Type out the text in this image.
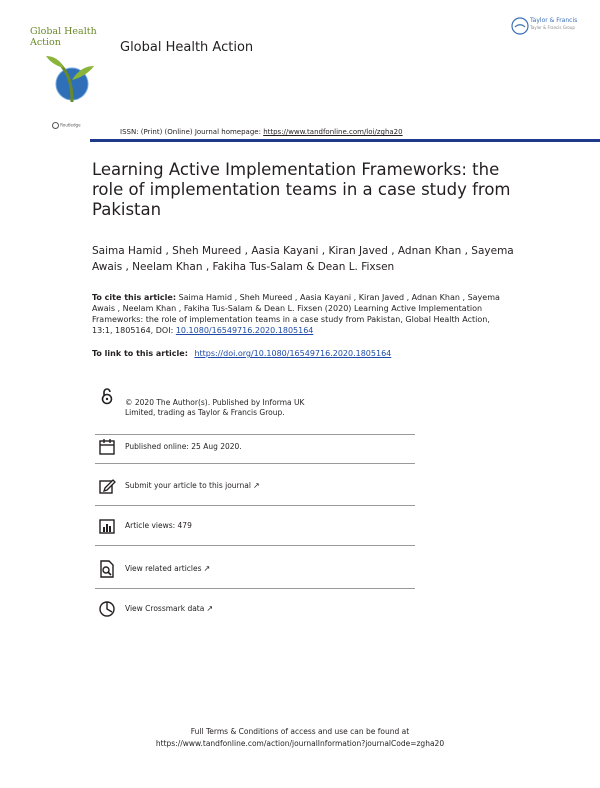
Global Health
Action	Global Health Action
Taylor & Francis
Taylor & Francis Group
Routledge
ISSN: (Print) (Online) Journal homepage: https://www.tandfonline.com/loi/zgha20
Learning Active Implementation Frameworks: the role of implementation teams in a case study from Pakistan
Saima Hamid , Sheh Mureed , Aasia Kayani , Kiran Javed , Adnan Khan , Sayema Awais , Neelam Khan , Fakiha Tus-Salam & Dean L. Fixsen
To cite this article: Saima Hamid , Sheh Mureed , Aasia Kayani , Kiran Javed , Adnan Khan , Sayema Awais , Neelam Khan , Fakiha Tus-Salam & Dean L. Fixsen (2020) Learning Active Implementation Frameworks: the role of implementation teams in a case study from Pakistan, Global Health Action, 13:1, 1805164, DOI: 10.1080/16549716.2020.1805164
To link to this article: https://doi.org/10.1080/16549716.2020.1805164
© 2020 The Author(s). Published by Informa UK Limited, trading as Taylor & Francis Group.
Published online: 25 Aug 2020.
Submit your article to this journal ↗
Article views: 479
View related articles ↗
View Crossmark data ↗
Full Terms & Conditions of access and use can be found at
https://www.tandfonline.com/action/journalInformation?journalCode=zgha20
